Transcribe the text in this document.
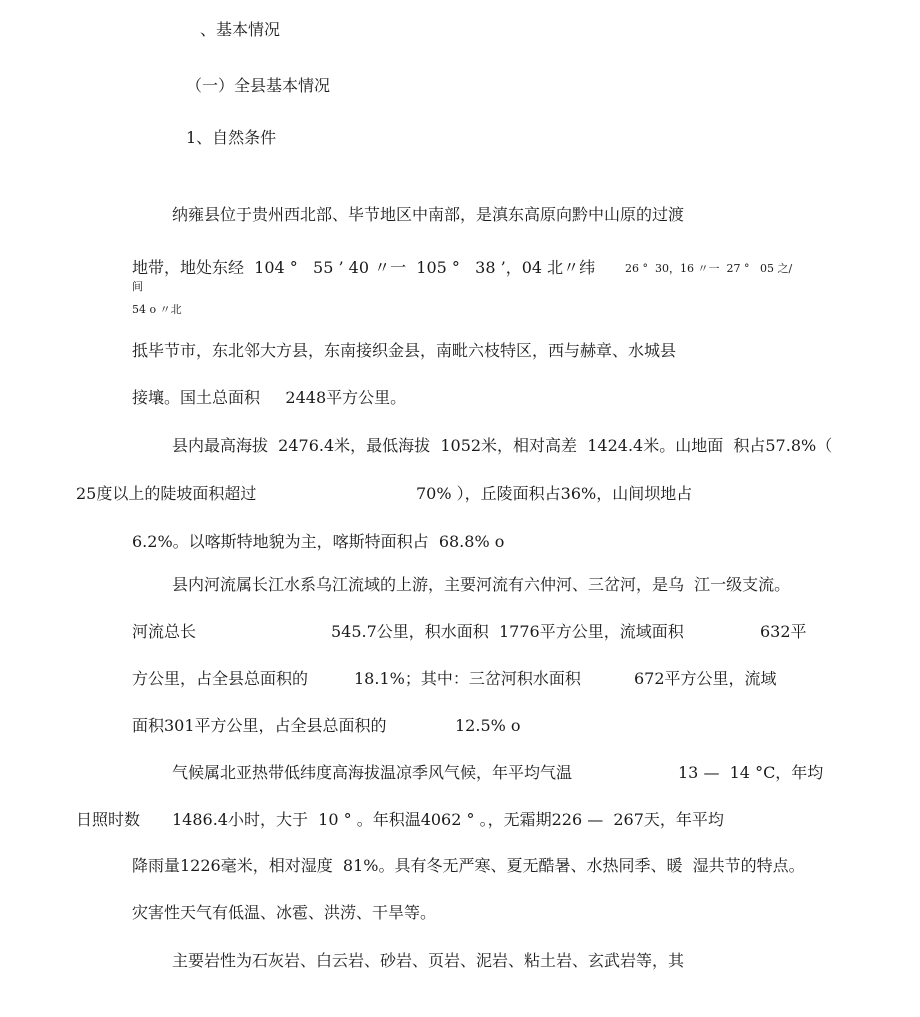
、基本情况

（一）全县基本情况

1、自然条件

纳雍县位于贵州西北部、毕节地区中南部，是滇东高原向黔中山原的过渡

地带，地处东经  104 °   55 ’ 40 〃一  105 °   38 ’，04 北〃纬	26 °  30，16 〃一  27 °   05 之/

间

54 o 〃北

抵毕节市，东北邻大方县，东南接织金县，南毗六枝特区，西与赫章、水城县

接壤。国土总面积     2448平方公里。

县内最高海拔  2476.4米，最低海拔  1052米，相对高差  1424.4米。山地面  积占57.8%（

25度以上的陡坡面积超过	70% ），丘陵面积占36%，山间坝地占

6.2%。以喀斯特地貌为主，喀斯特面积占  68.8% o

县内河流属长江水系乌江流域的上游，主要河流有六仲河、三岔河，是乌  江一级支流。

河流总长	545.7公里，积水面积  1776平方公里，流域面积	632平

方公里，占全县总面积的	18.1%；其中：三岔河积水面积	672平方公里，流域

面积301平方公里，占全县总面积的	12.5% o

气候属北亚热带低纬度高海拔温凉季风气候，年平均气温	13 —  14 °C，年均

日照时数 1486.4小时，大于  10 ° 。年积温4062 ° 。，无霜期226 —  267天，年平均

降雨量1226毫米，相对湿度  81%。具有冬无严寒、夏无酷暑、水热同季、暖  湿共节的特点。

灾害性天气有低温、冰雹、洪涝、干旱等。

主要岩性为石灰岩、白云岩、砂岩、页岩、泥岩、粘土岩、玄武岩等，其
